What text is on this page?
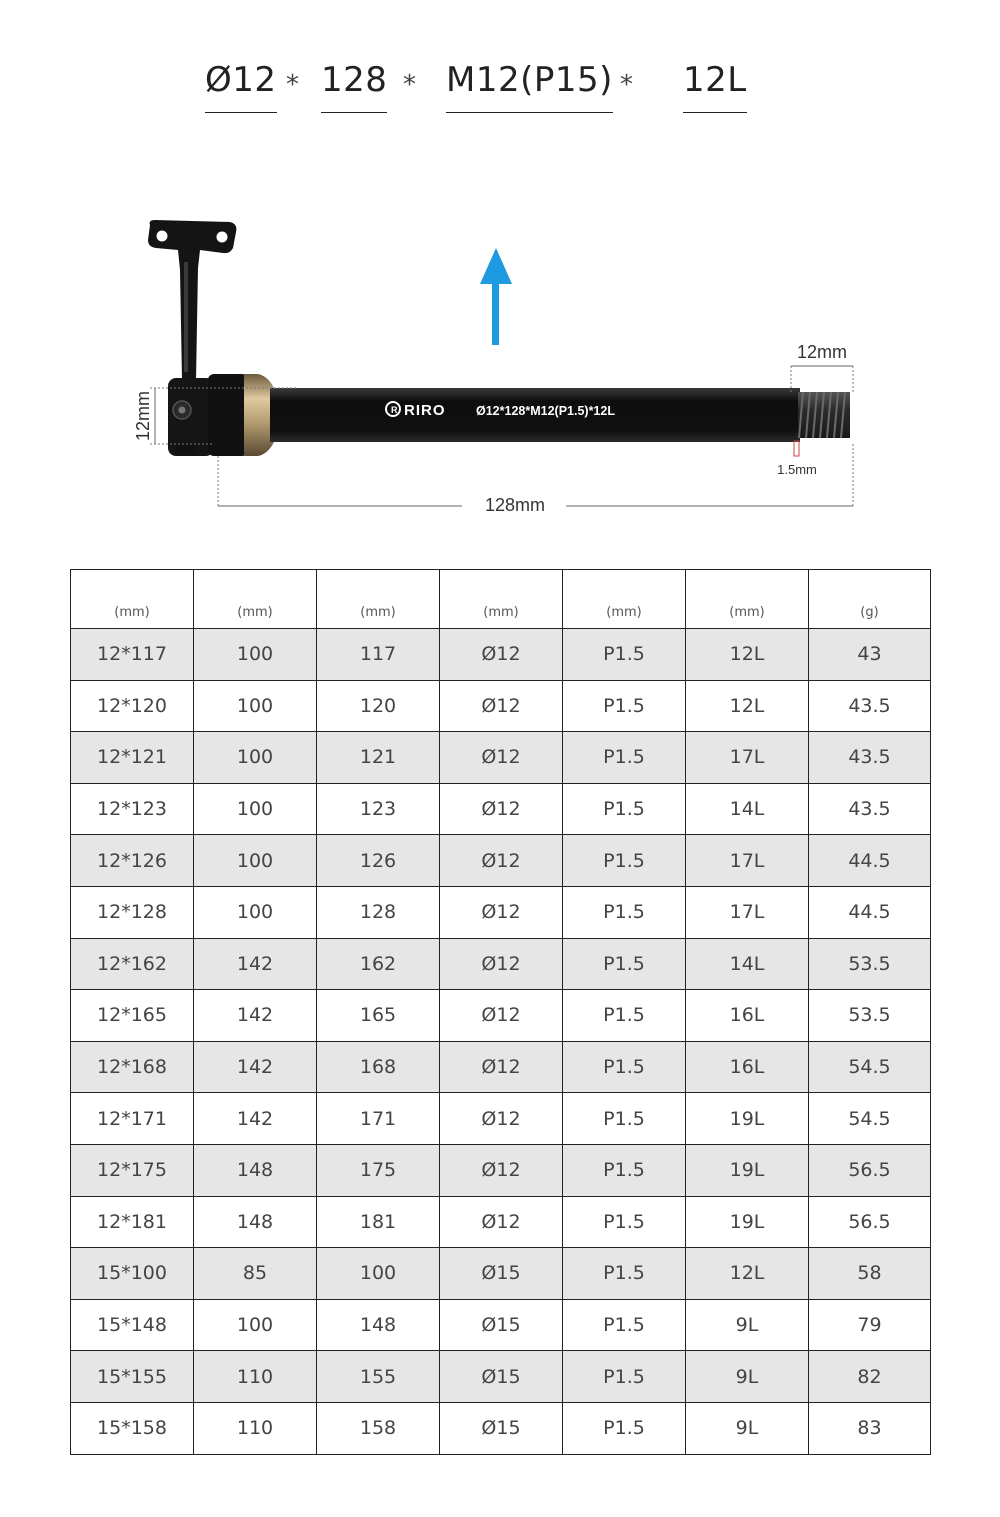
Ø12 * 128 * M12(P15) * 12L
R RIRO Ø12*128*M12(P1.5)*12L
12mm
12mm
1.5mm
128mm
(mm)	(mm)	(mm)	(mm)	(mm)	(mm)	(g)
12*117	100	117	Ø12	P1.5	12L	43
12*120	100	120	Ø12	P1.5	12L	43.5
12*121	100	121	Ø12	P1.5	17L	43.5
12*123	100	123	Ø12	P1.5	14L	43.5
12*126	100	126	Ø12	P1.5	17L	44.5
12*128	100	128	Ø12	P1.5	17L	44.5
12*162	142	162	Ø12	P1.5	14L	53.5
12*165	142	165	Ø12	P1.5	16L	53.5
12*168	142	168	Ø12	P1.5	16L	54.5
12*171	142	171	Ø12	P1.5	19L	54.5
12*175	148	175	Ø12	P1.5	19L	56.5
12*181	148	181	Ø12	P1.5	19L	56.5
15*100	85	100	Ø15	P1.5	12L	58
15*148	100	148	Ø15	P1.5	9L	79
15*155	110	155	Ø15	P1.5	9L	82
15*158	110	158	Ø15	P1.5	9L	83
